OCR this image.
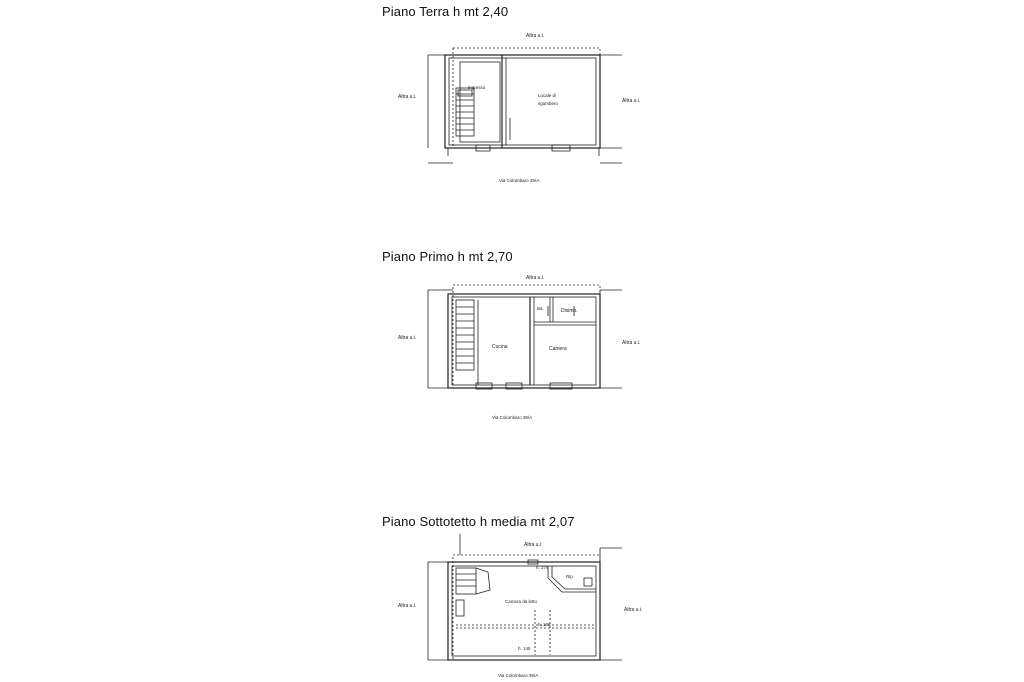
Piano Terra h mt 2,40
Piano Primo h mt 2,70
Piano Sottotetto h media mt 2,07
Altra u.i.
Altra u.i.
Altra u.i.
Ingresso
Locale di
sgombero
Via Colombaro 39/A
Altra u.i.
Altra u.i.
Altra u.i.
Cucina	Camera
Ba.	Disimp.
Via Colombaro 39/A
Altra u.i.
Altra u.i.
Altra u.i.
Camera da letto
Rip.
h. 270
h. 150
h. 145
Via Colombaro 39/A
